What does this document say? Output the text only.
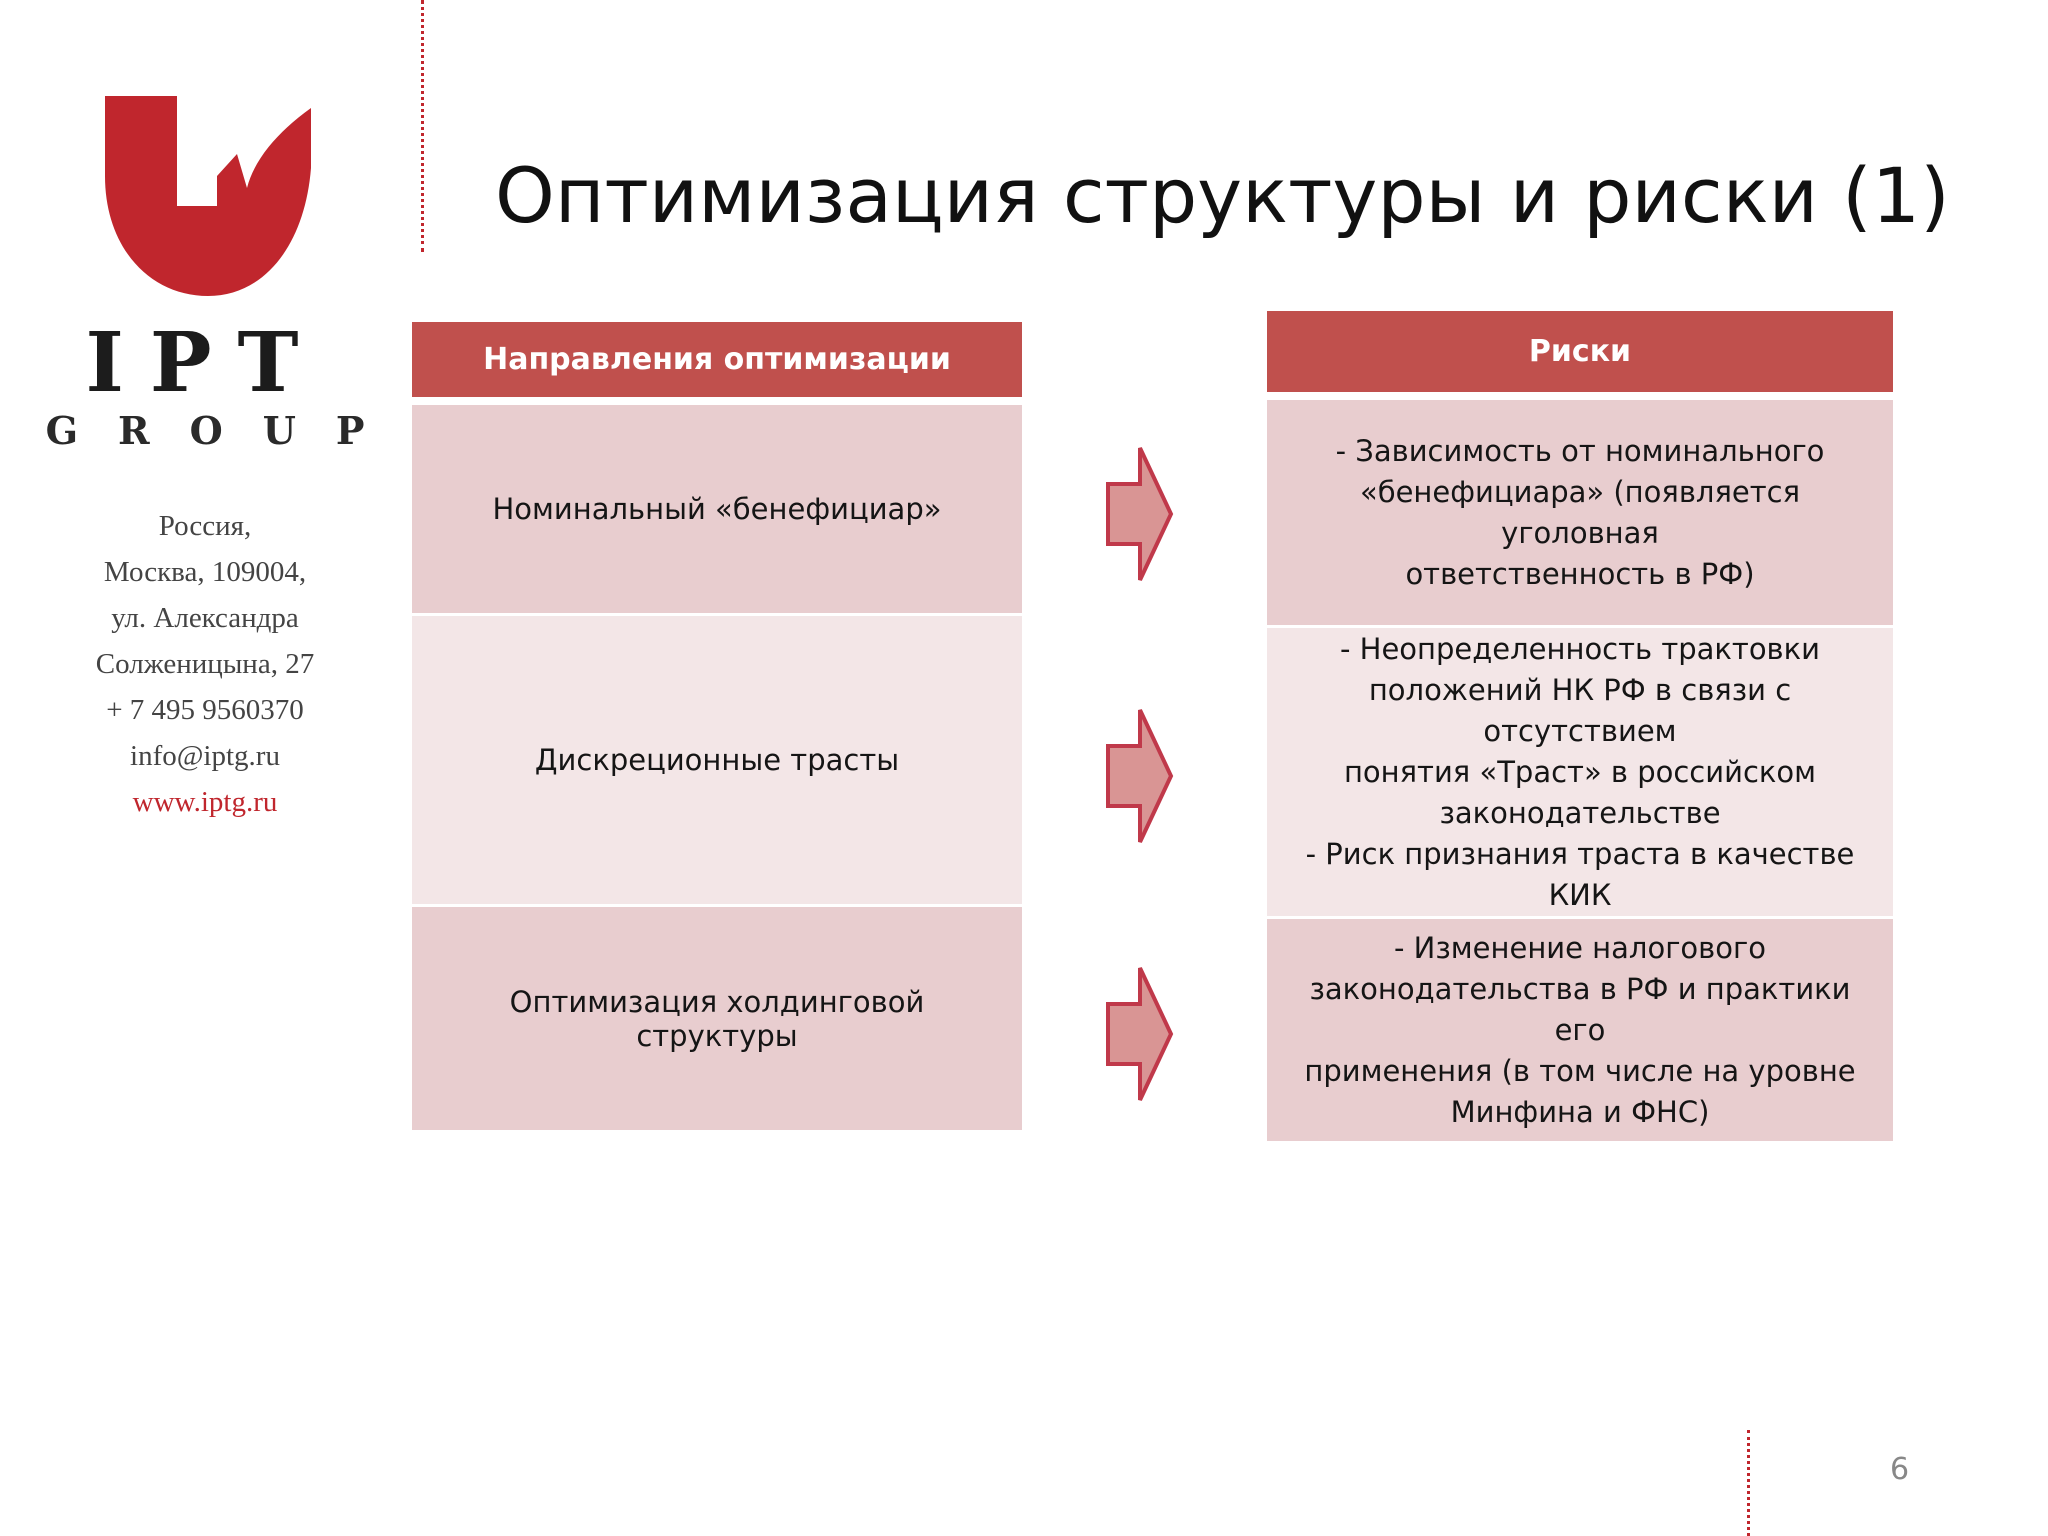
IPT
GROUP
Россия,
Москва, 109004,
ул. Александра
Солженицына, 27
+ 7 495 9560370
info@iptg.ru
www.iptg.ru
Оптимизация структуры и риски (1)
Направления оптимизации
Номинальный «бенефициар»
Дискреционные трасты
Оптимизация холдинговой структуры
Риски
- Зависимость от номинального
«бенефициара» (появляется уголовная
ответственность в РФ)
- Неопределенность трактовки
положений НК РФ в связи с отсутствием
понятия «Траст» в российском
законодательстве
- Риск признания траста в качестве КИК
- Изменение налогового
законодательства в РФ и практики его
применения (в том числе на уровне
Минфина и ФНС)
6
